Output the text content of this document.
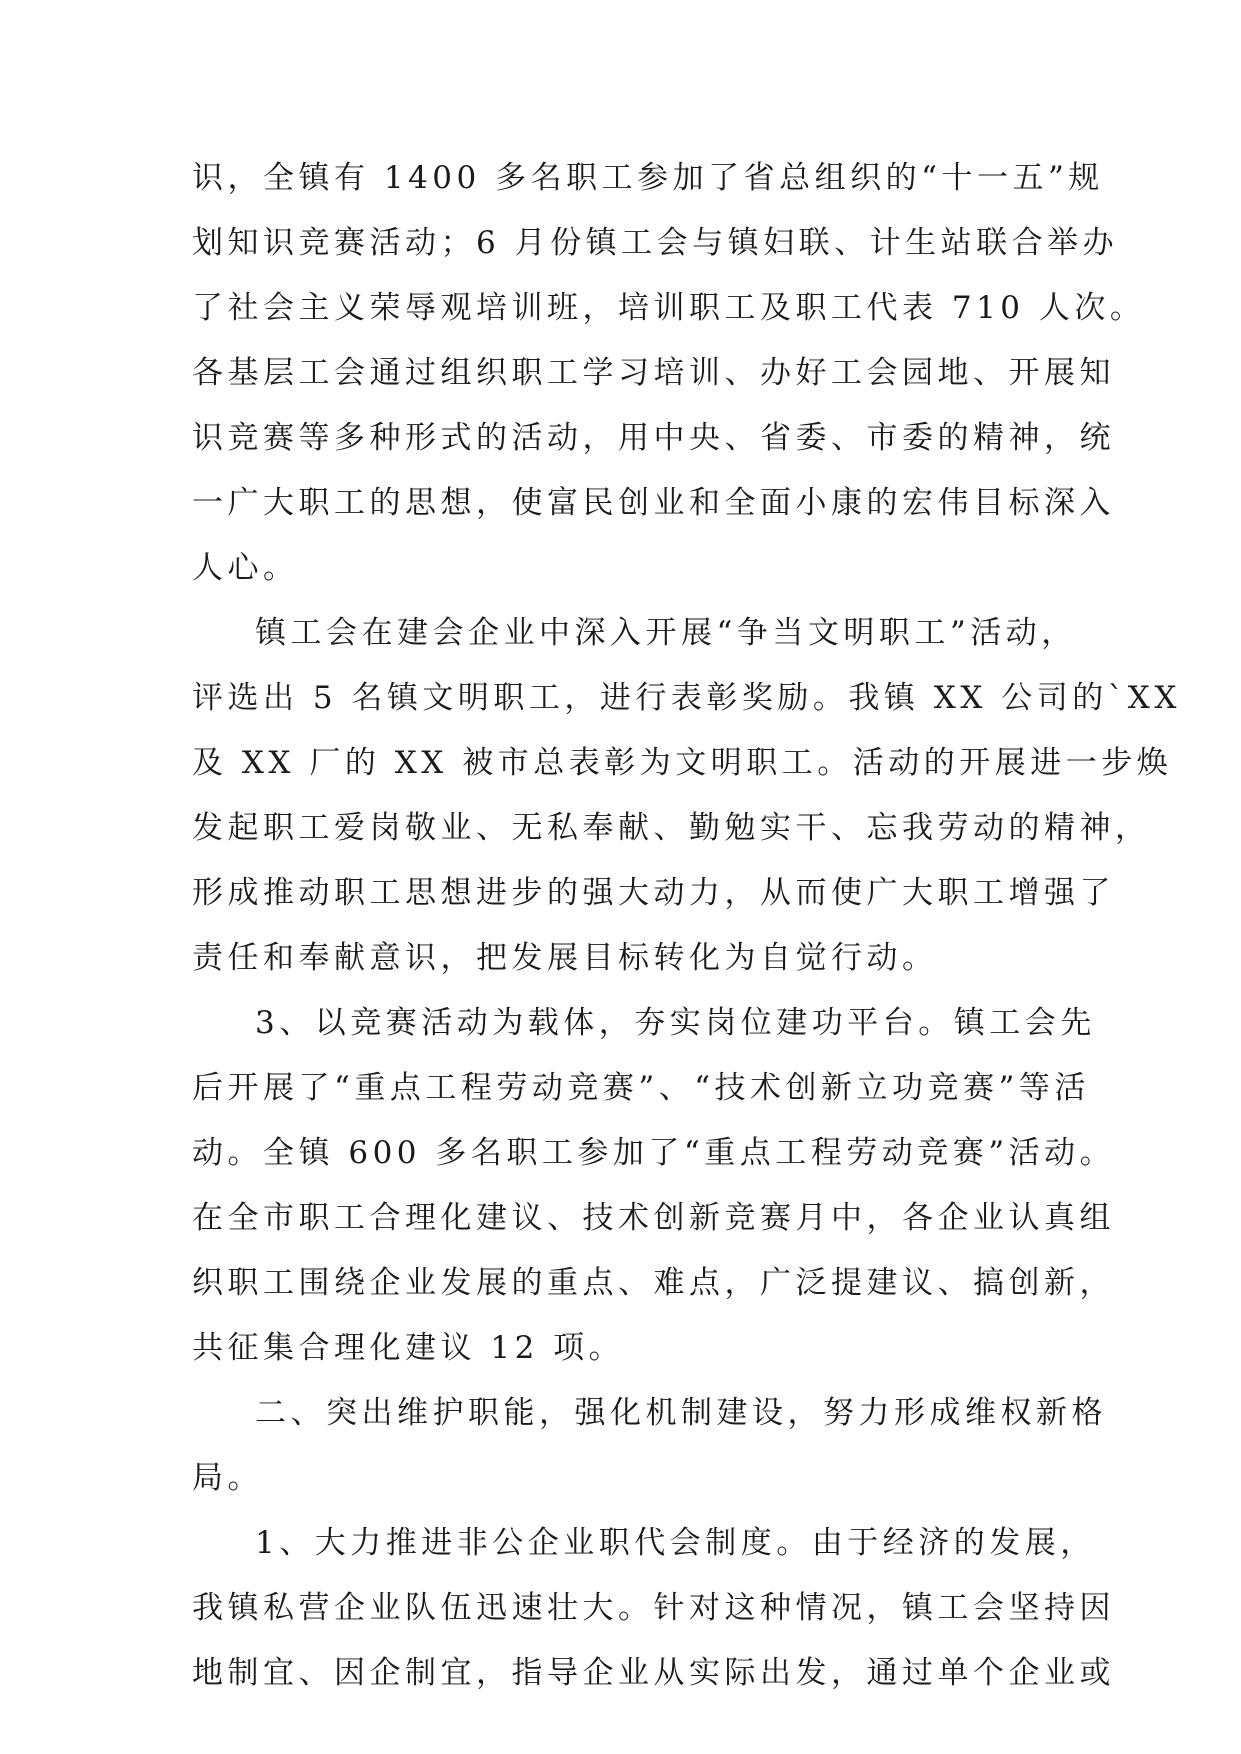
识，全镇有 1400 多名职工参加了省总组织的“十一五”规
划知识竞赛活动；6 月份镇工会与镇妇联、计生站联合举办
了社会主义荣辱观培训班，培训职工及职工代表 710 人次。
各基层工会通过组织职工学习培训、办好工会园地、开展知
识竞赛等多种形式的活动，用中央、省委、市委的精神，统
一广大职工的思想，使富民创业和全面小康的宏伟目标深入
人心。
镇工会在建会企业中深入开展“争当文明职工”活动，
评选出 5 名镇文明职工，进行表彰奖励。我镇 XX 公司的`XX
及 XX 厂的 XX 被市总表彰为文明职工。活动的开展进一步焕
发起职工爱岗敬业、无私奉献、勤勉实干、忘我劳动的精神，
形成推动职工思想进步的强大动力，从而使广大职工增强了
责任和奉献意识，把发展目标转化为自觉行动。
3、以竞赛活动为载体，夯实岗位建功平台。镇工会先
后开展了“重点工程劳动竞赛”、“技术创新立功竞赛”等活
动。全镇 600 多名职工参加了“重点工程劳动竞赛”活动。
在全市职工合理化建议、技术创新竞赛月中，各企业认真组
织职工围绕企业发展的重点、难点，广泛提建议、搞创新，
共征集合理化建议 12 项。
二、突出维护职能，强化机制建设，努力形成维权新格
局。
1、大力推进非公企业职代会制度。由于经济的发展，
我镇私营企业队伍迅速壮大。针对这种情况，镇工会坚持因
地制宜、因企制宜，指导企业从实际出发，通过单个企业或
